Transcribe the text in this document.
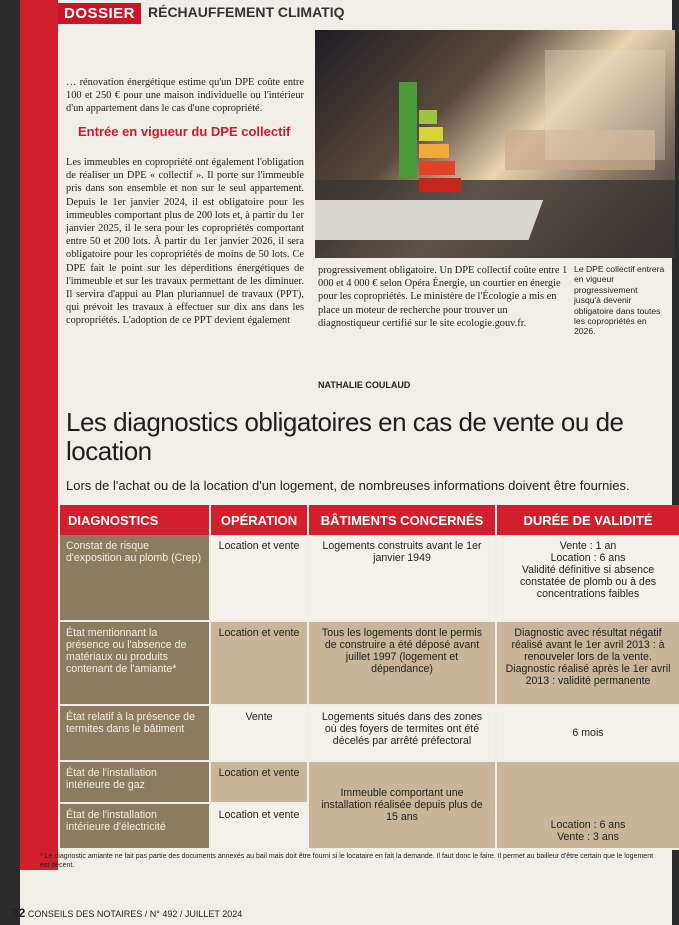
DOSSIER RÉCHAUFFEMENT CLIMATIQ
… rénovation énergétique estime qu'un DPE coûte entre 100 et 250 € pour une maison individuelle ou l'intérieur d'un appartement dans le cas d'une copropriété.
Entrée en vigueur du DPE collectif
Les immeubles en copropriété ont également l'obligation de réaliser un DPE « collectif ». Il porte sur l'immeuble pris dans son ensemble et non sur le seul appartement. Depuis le 1er janvier 2024, il est obligatoire pour les immeubles comportant plus de 200 lots et, à partir du 1er janvier 2025, il le sera pour les copropriétés comportant entre 50 et 200 lots. À partir du 1er janvier 2026, il sera obligatoire pour les copropriétés de moins de 50 lots. Ce DPE fait le point sur les déperditions énergétiques de l'immeuble et sur les travaux permettant de les diminuer. Il servira d'appui au Plan pluriannuel de travaux (PPT), qui prévoit les travaux à effectuer sur dix ans dans les copropriétés. L'adoption de ce PPT devient également
progressivement obligatoire. Un DPE collectif coûte entre 1 000 et 4 000 € selon Opéra Énergie, un courtier en énergie pour les copropriétés. Le ministère de l'Écologie a mis en place un moteur de recherche pour trouver un diagnostiqueur certifié sur le site ecologie.gouv.fr.
NATHALIE COULAUD
Le DPE collectif entrera en vigueur progressivement jusqu'à devenir obligatoire dans toutes les copropriétés en 2026.
Les diagnostics obligatoires en cas de vente ou de location
Lors de l'achat ou de la location d'un logement, de nombreuses informations doivent être fournies.
DIAGNOSTICS	OPÉRATION	BÂTIMENTS CONCERNÉS	DURÉE DE VALIDITÉ
Constat de risque d'exposition au plomb (Crep)	Location et vente	Logements construits avant le 1er janvier 1949	Vente : 1 an
Location : 6 ans
Validité définitive si absence constatée de plomb ou à des concentrations faibles
État mentionnant la présence ou l'absence de matériaux ou produits contenant de l'amiante*	Location et vente	Tous les logements dont le permis de construire a été déposé avant juillet 1997 (logement et dépendance)	Diagnostic avec résultat négatif réalisé avant le 1er avril 2013 : à renouveler lors de la vente. Diagnostic réalisé après le 1er avril 2013 : validité permanente
État relatif à la présence de termites dans le bâtiment	Vente	Logements situés dans des zones où des foyers de termites ont été décelés par arrêté préfectoral	6 mois
État de l'installation intérieure de gaz	Location et vente	Immeuble comportant une installation réalisée depuis plus de 15 ans	Location : 6 ans
Vente : 3 ans
État de l'installation intérieure d'électricité	Location et vente		
* Le diagnostic amiante ne fait pas partie des documents annexés au bail mais doit être fourni si le locataire en fait la demande. Il faut donc le faire. Il permet au bailleur d'être certain que le logement est décent.
32 CONSEILS DES NOTAIRES / N° 492 / JUILLET 2024
